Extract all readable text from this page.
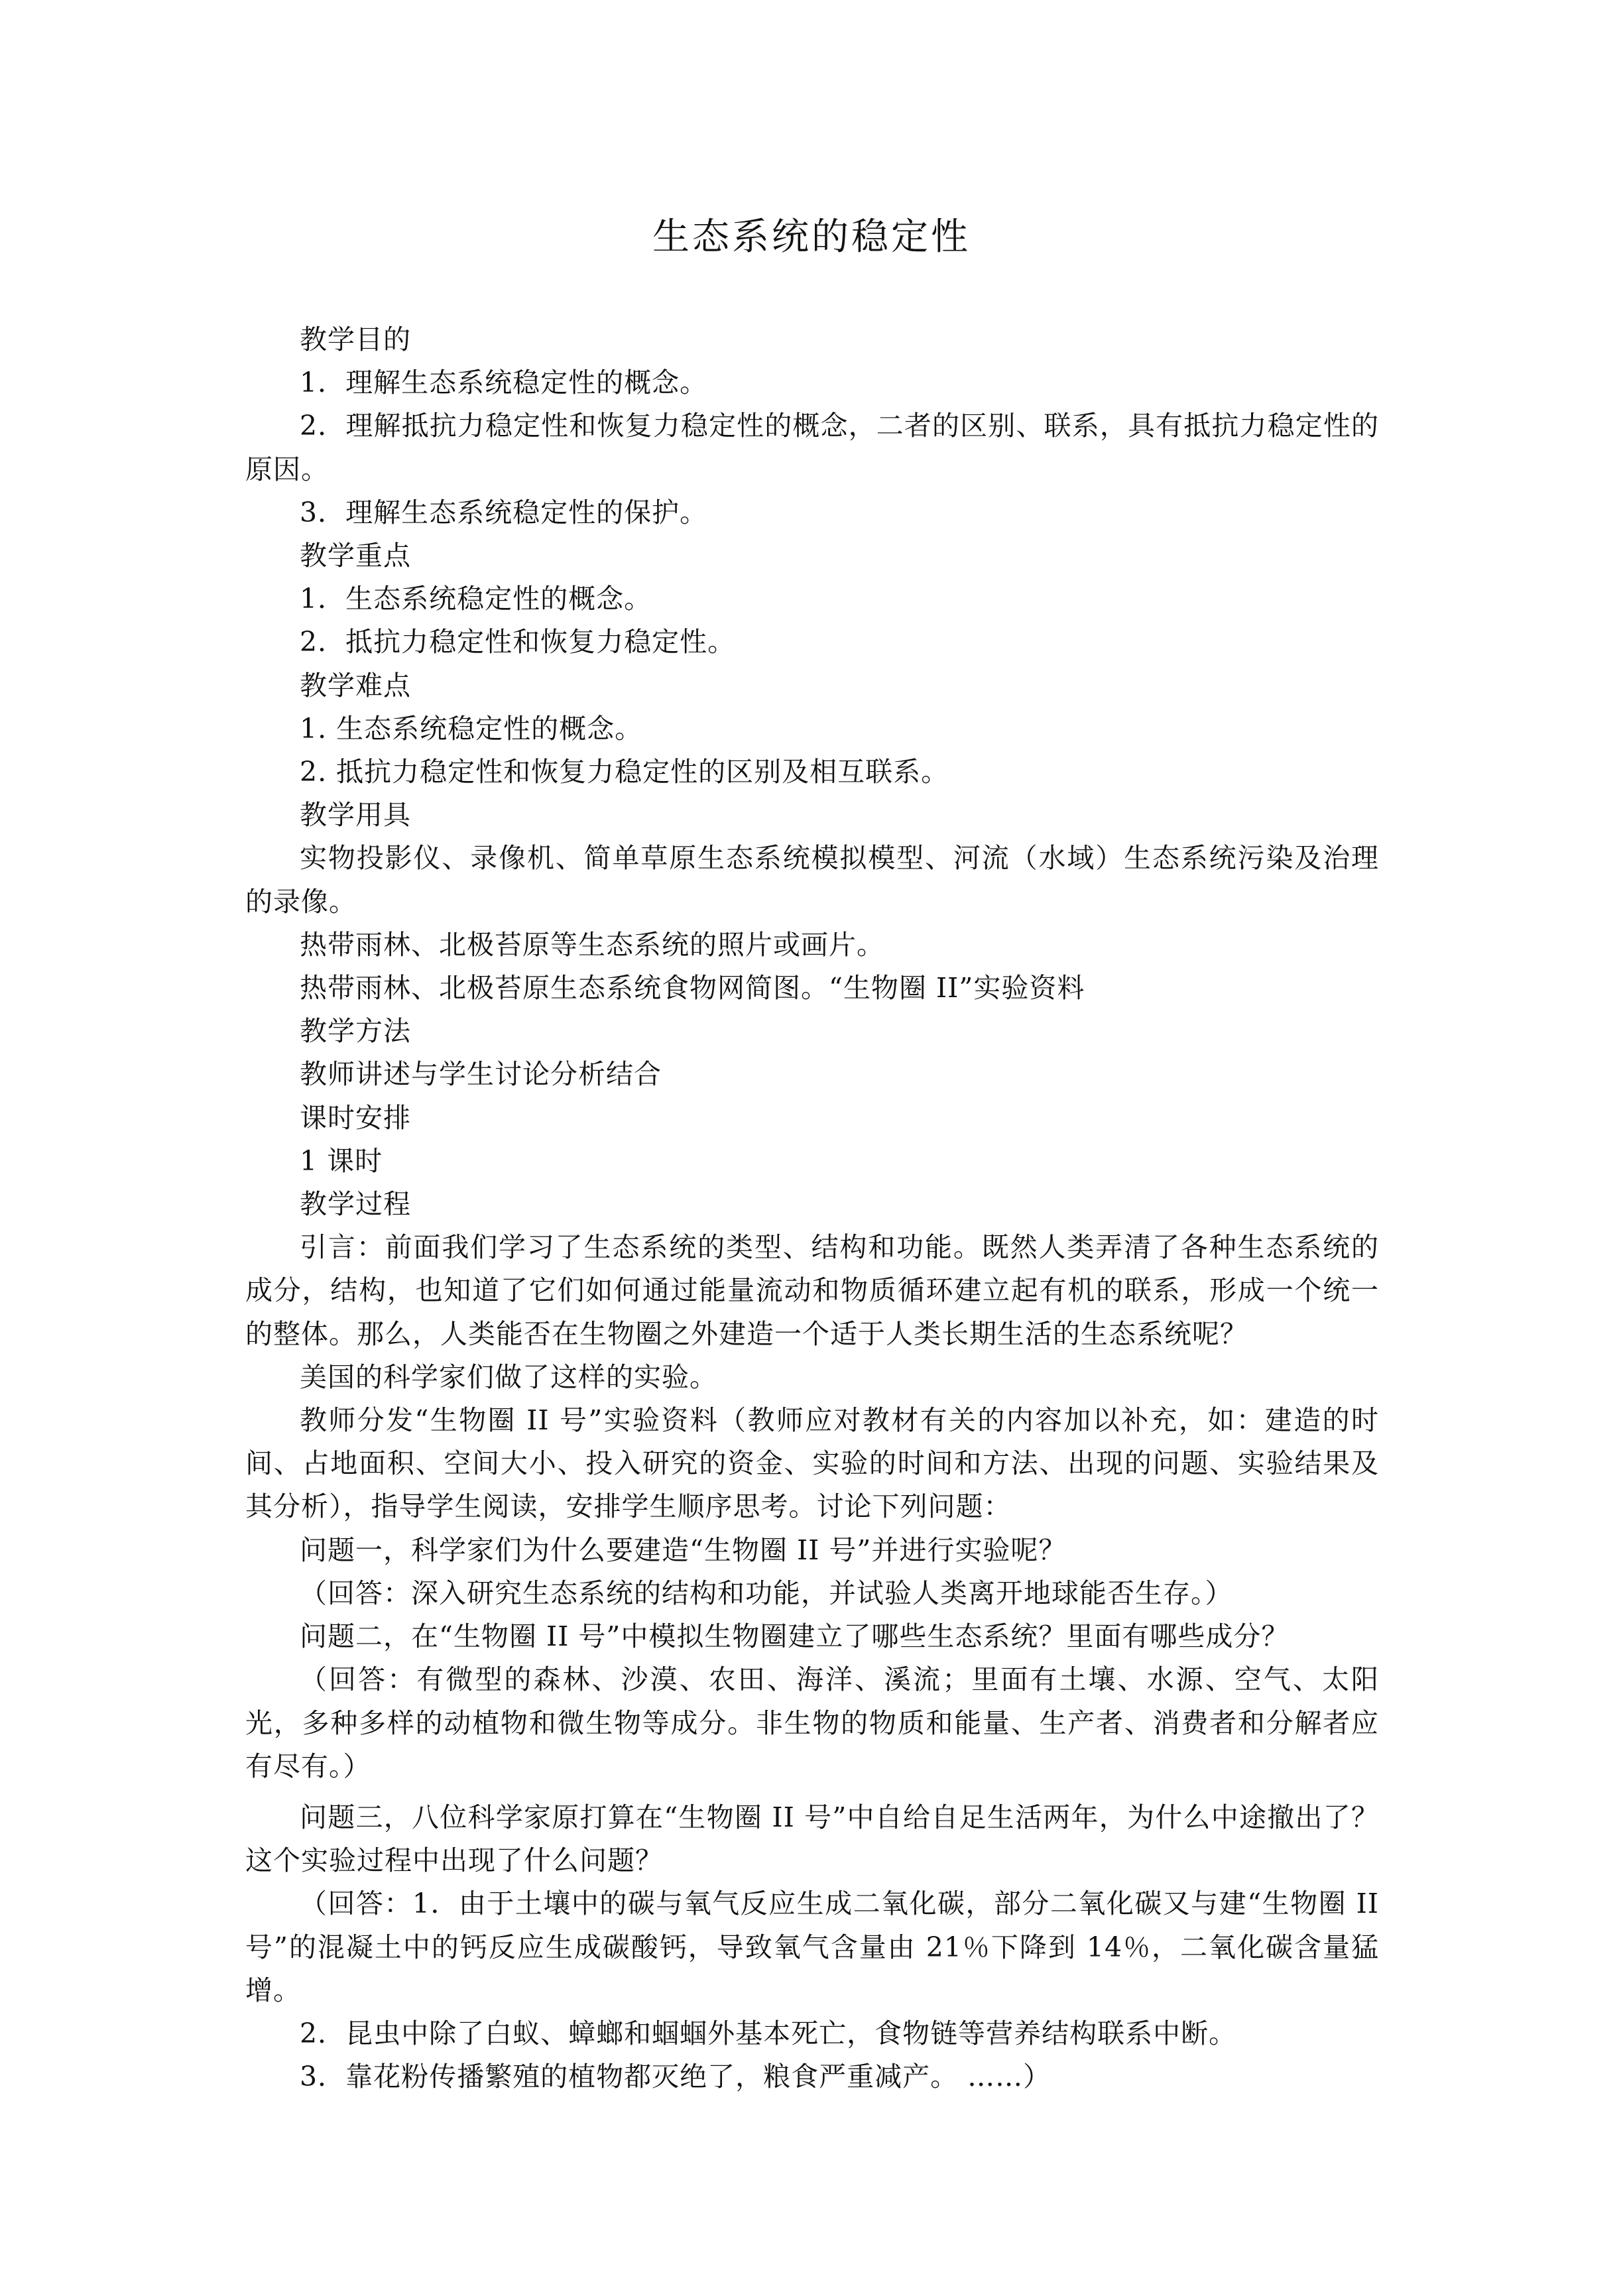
生态系统的稳定性

教学目的

1．理解生态系统稳定性的概念。

2．理解抵抗力稳定性和恢复力稳定性的概念，二者的区别、联系，具有抵抗力稳定性的原因。

3．理解生态系统稳定性的保护。

教学重点

1．生态系统稳定性的概念。

2．抵抗力稳定性和恢复力稳定性。

教学难点

1. 生态系统稳定性的概念。

2. 抵抗力稳定性和恢复力稳定性的区别及相互联系。

教学用具

实物投影仪、录像机、简单草原生态系统模拟模型、河流（水域）生态系统污染及治理的录像。

热带雨林、北极苔原等生态系统的照片或画片。

热带雨林、北极苔原生态系统食物网简图。“生物圈 II”实验资料

教学方法

教师讲述与学生讨论分析结合

课时安排

1 课时

教学过程

引言：前面我们学习了生态系统的类型、结构和功能。既然人类弄清了各种生态系统的成分，结构，也知道了它们如何通过能量流动和物质循环建立起有机的联系，形成一个统一的整体。那么，人类能否在生物圈之外建造一个适于人类长期生活的生态系统呢？

美国的科学家们做了这样的实验。

教师分发“生物圈 II 号”实验资料（教师应对教材有关的内容加以补充，如：建造的时间、占地面积、空间大小、投入研究的资金、实验的时间和方法、出现的问题、实验结果及其分析），指导学生阅读，安排学生顺序思考。讨论下列问题：

问题一，科学家们为什么要建造“生物圈 II 号”并进行实验呢？

（回答：深入研究生态系统的结构和功能，并试验人类离开地球能否生存。）

问题二，在“生物圈 II 号”中模拟生物圈建立了哪些生态系统？里面有哪些成分？

（回答：有微型的森林、沙漠、农田、海洋、溪流；里面有土壤、水源、空气、太阳光，多种多样的动植物和微生物等成分。非生物的物质和能量、生产者、消费者和分解者应有尽有。）

问题三，八位科学家原打算在“生物圈 II 号”中自给自足生活两年，为什么中途撤出了？这个实验过程中出现了什么问题？

（回答：1．由于土壤中的碳与氧气反应生成二氧化碳，部分二氧化碳又与建“生物圈 II 号”的混凝土中的钙反应生成碳酸钙，导致氧气含量由 21％下降到 14％，二氧化碳含量猛增。

2．昆虫中除了白蚁、蟑螂和蝈蝈外基本死亡，食物链等营养结构联系中断。

3．靠花粉传播繁殖的植物都灭绝了，粮食严重减产。 ……）
